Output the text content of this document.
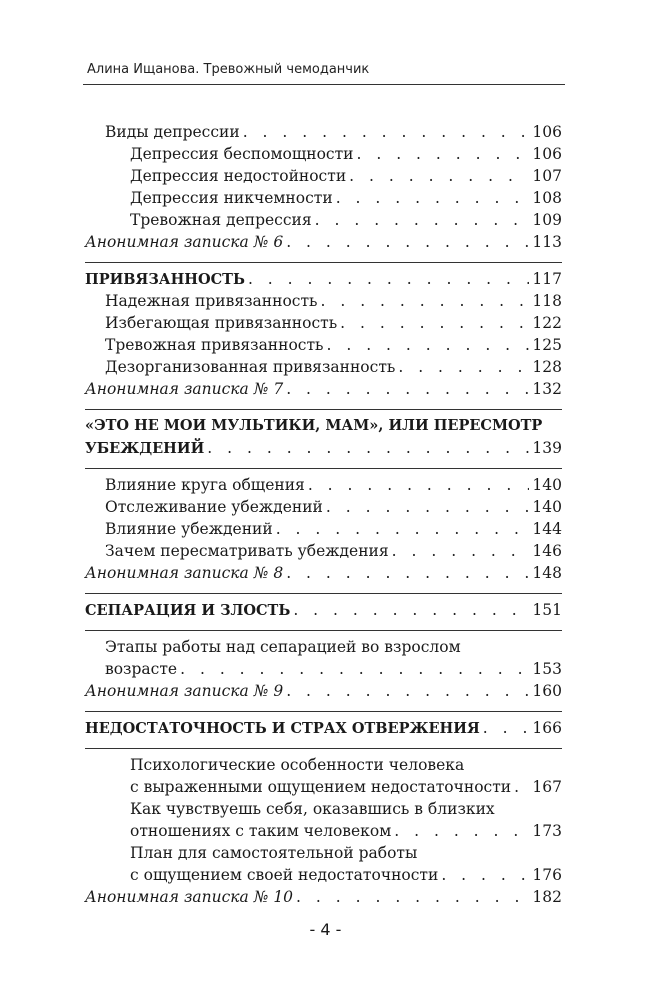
Алина Ищанова. Тревожный чемоданчик
Виды депрессии . . .	106
Депрессия беспомощности . . .	106
Депрессия недостойности . . .	107
Депрессия никчемности . . .	108
Тревожная депрессия . . .	109
Анонимная записка № 6 . . .	113
ПРИВЯЗАННОСТЬ . . .	117
Надежная привязанность . . .	118
Избегающая привязанность . . .	122
Тревожная привязанность . . .	125
Дезорганизованная привязанность . . .	128
Анонимная записка № 7 . . .	132
«ЭТО НЕ МОИ МУЛЬТИКИ, МАМ», ИЛИ ПЕРЕСМОТР
УБЕЖДЕНИЙ . . .	139
Влияние круга общения . . .	140
Отслеживание убеждений . . .	140
Влияние убеждений . . .	144
Зачем пересматривать убеждения . . .	146
Анонимная записка № 8 . . .	148
СЕПАРАЦИЯ И ЗЛОСТЬ . . .	151
Этапы работы над сепарацией во взрослом
возрасте . . .	153
Анонимная записка № 9 . . .	160
НЕДОСТАТОЧНОСТЬ И СТРАХ ОТВЕРЖЕНИЯ . . .	166
Психологические особенности человека
с выраженными ощущением недостаточности . . . 167
Как чувствуешь себя, оказавшись в близких
отношениях с таким человеком . . .	173
План для самостоятельной работы
с ощущением своей недостаточности . . .	176
Анонимная записка № 10 . . .	182
- 4 -
